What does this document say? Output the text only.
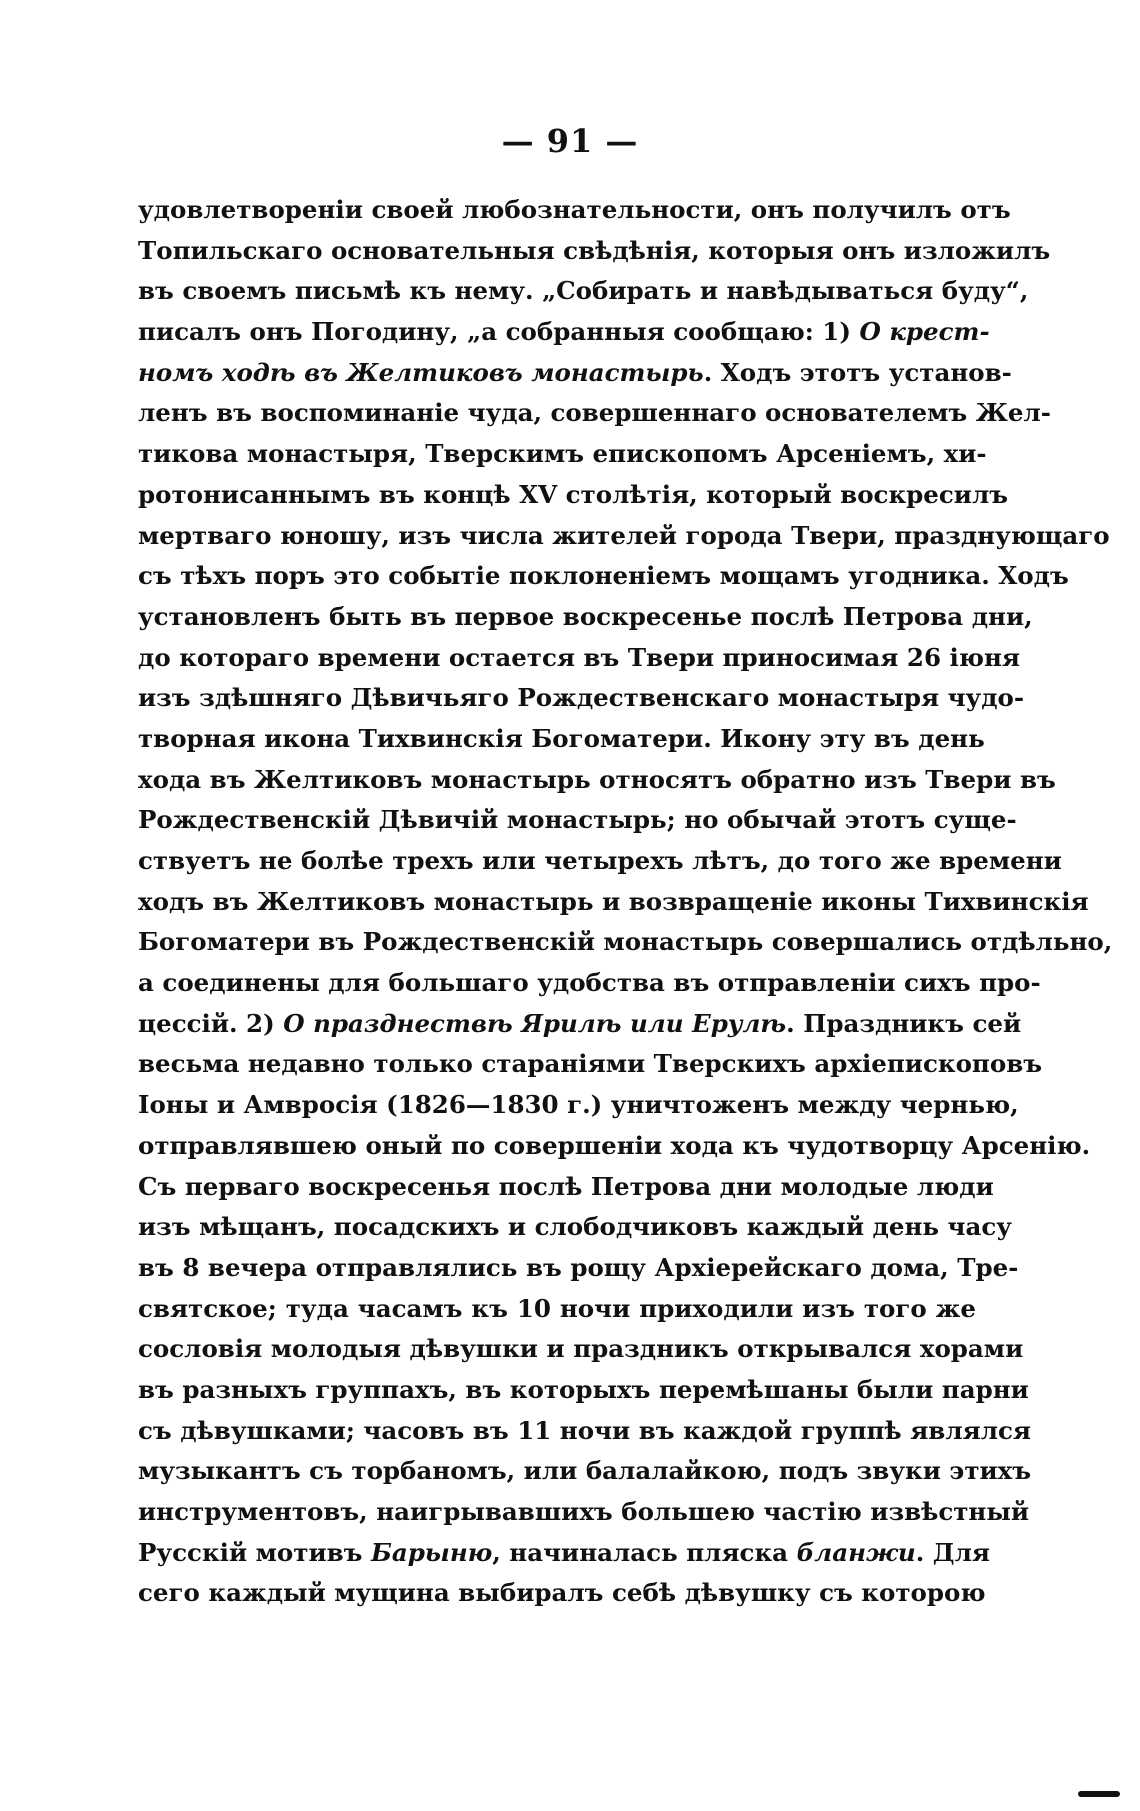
— 91 —
удовлетворенiи своей любознательности, онъ получилъ отъ
Топильскаго основательныя свѣдѣнiя, которыя онъ изложилъ
въ своемъ письмѣ къ нему. „Собирать и навѣдываться буду“,
писалъ онъ Погодину, „а собранныя сообщаю: 1) О крест-
номъ ходѣ въ Желтиковъ монастырь. Ходъ этотъ установ-
ленъ въ воспоминанiе чуда, совершеннаго основателемъ Жел-
тикова монастыря, Тверскимъ епископомъ Арсенiемъ, хи-
ротонисаннымъ въ концѣ XV столѣтiя, который воскресилъ
мертваго юношу, изъ числа жителей города Твери, празднующаго
съ тѣхъ поръ это событiе поклоненiемъ мощамъ угодника. Ходъ
установленъ быть въ первое воскресенье послѣ Петрова дни,
до котораго времени остается въ Твери приносимая 26 iюня
изъ здѣшняго Дѣвичьяго Рождественскаго монастыря чудо-
творная икона Тихвинскiя Богоматери. Икону эту въ день
хода въ Желтиковъ монастырь относятъ обратно изъ Твери въ
Рождественскiй Дѣвичiй монастырь; но обычай этотъ суще-
ствуетъ не болѣе трехъ или четырехъ лѣтъ, до того же времени
ходъ въ Желтиковъ монастырь и возвращенiе иконы Тихвинскiя
Богоматери въ Рождественскiй монастырь совершались отдѣльно,
а соединены для большаго удобства въ отправленiи сихъ про-
цессiй. 2) О празднествѣ Ярилѣ или Ерулѣ. Праздникъ сей
весьма недавно только старанiями Тверскихъ архiепископовъ
Iоны и Амвросiя (1826—1830 г.) уничтоженъ между чернью,
отправлявшею оный по совершенiи хода къ чудотворцу Арсенiю.
Съ перваго воскресенья послѣ Петрова дни молодые люди
изъ мѣщанъ, посадскихъ и слободчиковъ каждый день часу
въ 8 вечера отправлялись въ рощу Архiерейскаго дома, Тре-
святское; туда часамъ къ 10 ночи приходили изъ того же
сословiя молодыя дѣвушки и праздникъ открывался хорами
въ разныхъ группахъ, въ которыхъ перемѣшаны были парни
съ дѣвушками; часовъ въ 11 ночи въ каждой группѣ являлся
музыкантъ съ торбаномъ, или балалайкою, подъ звуки этихъ
инструментовъ, наигрывавшихъ большею частiю извѣстный
Русскiй мотивъ Барыню, начиналась пляска бланжи. Для
сего каждый мущина выбиралъ себѣ дѣвушку съ которою
